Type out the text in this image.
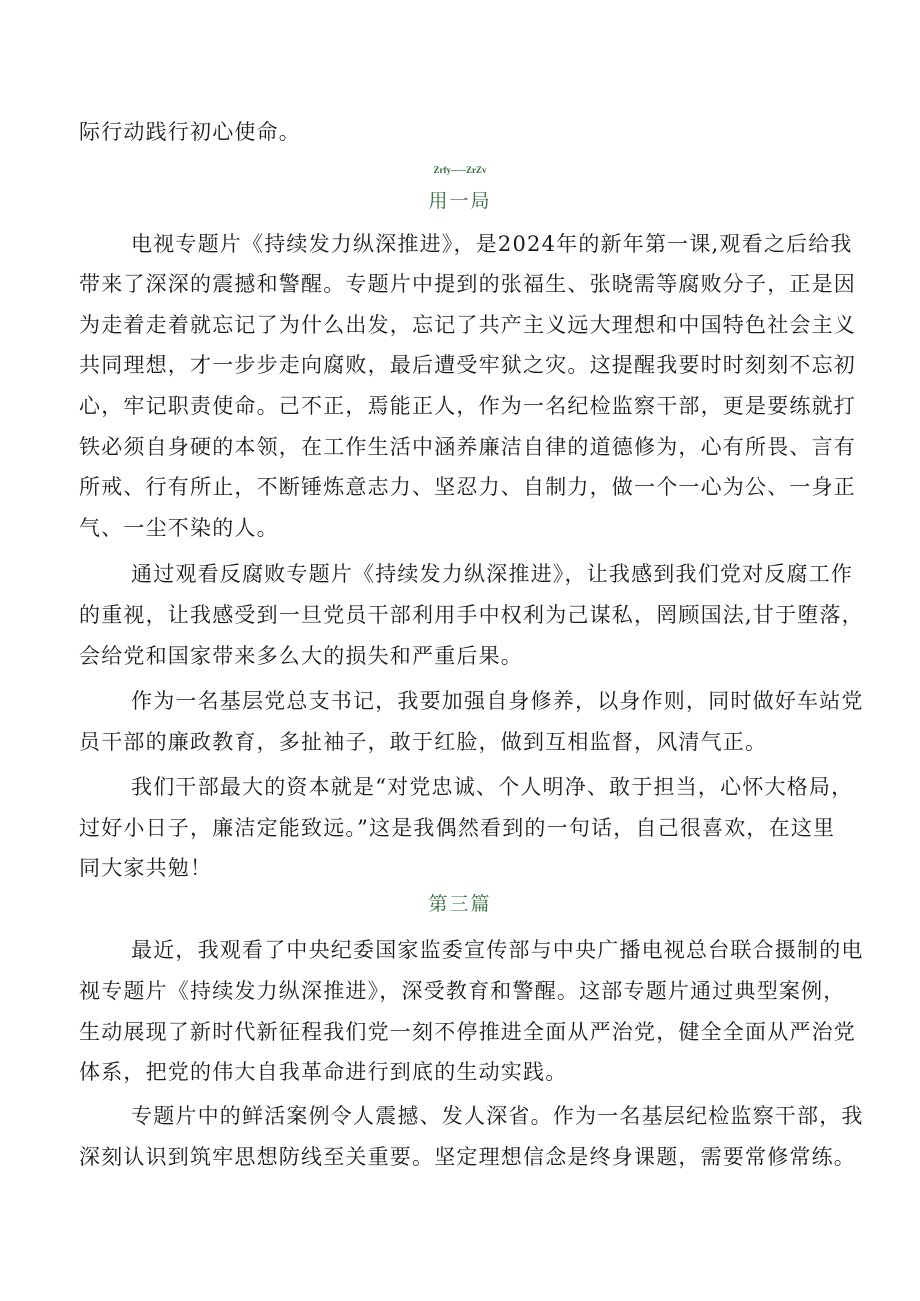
际行动践行初心使命。
Zrfy-----ZrZv
用一局
电视专题片《持续发力纵深推进》，是2024年的新年第一课,观看之后给我
带来了深深的震撼和警醒。专题片中提到的张福生、张晓需等腐败分子，正是因
为走着走着就忘记了为什么出发，忘记了共产主义远大理想和中国特色社会主义
共同理想，才一步步走向腐败，最后遭受牢狱之灾。这提醒我要时时刻刻不忘初
心，牢记职责使命。己不正，焉能正人，作为一名纪检监察干部，更是要练就打
铁必须自身硬的本领，在工作生活中涵养廉洁自律的道德修为，心有所畏、言有
所戒、行有所止，不断锤炼意志力、坚忍力、自制力，做一个一心为公、一身正
气、一尘不染的人。
通过观看反腐败专题片《持续发力纵深推进》，让我感到我们党对反腐工作
的重视，让我感受到一旦党员干部利用手中权利为己谋私，罔顾国法,甘于堕落，
会给党和国家带来多么大的损失和严重后果。
作为一名基层党总支书记，我要加强自身修养，以身作则，同时做好车站党
员干部的廉政教育，多扯袖子，敢于红脸，做到互相监督，风清气正。
我们干部最大的资本就是“对党忠诚、个人明净、敢于担当，心怀大格局，
过好小日子，廉洁定能致远。”这是我偶然看到的一句话，自己很喜欢，在这里
同大家共勉！
第三篇
最近，我观看了中央纪委国家监委宣传部与中央广播电视总台联合摄制的电
视专题片《持续发力纵深推进》，深受教育和警醒。这部专题片通过典型案例，
生动展现了新时代新征程我们党一刻不停推进全面从严治党，健全全面从严治党
体系，把党的伟大自我革命进行到底的生动实践。
专题片中的鲜活案例令人震撼、发人深省。作为一名基层纪检监察干部，我
深刻认识到筑牢思想防线至关重要。坚定理想信念是终身课题，需要常修常练。
